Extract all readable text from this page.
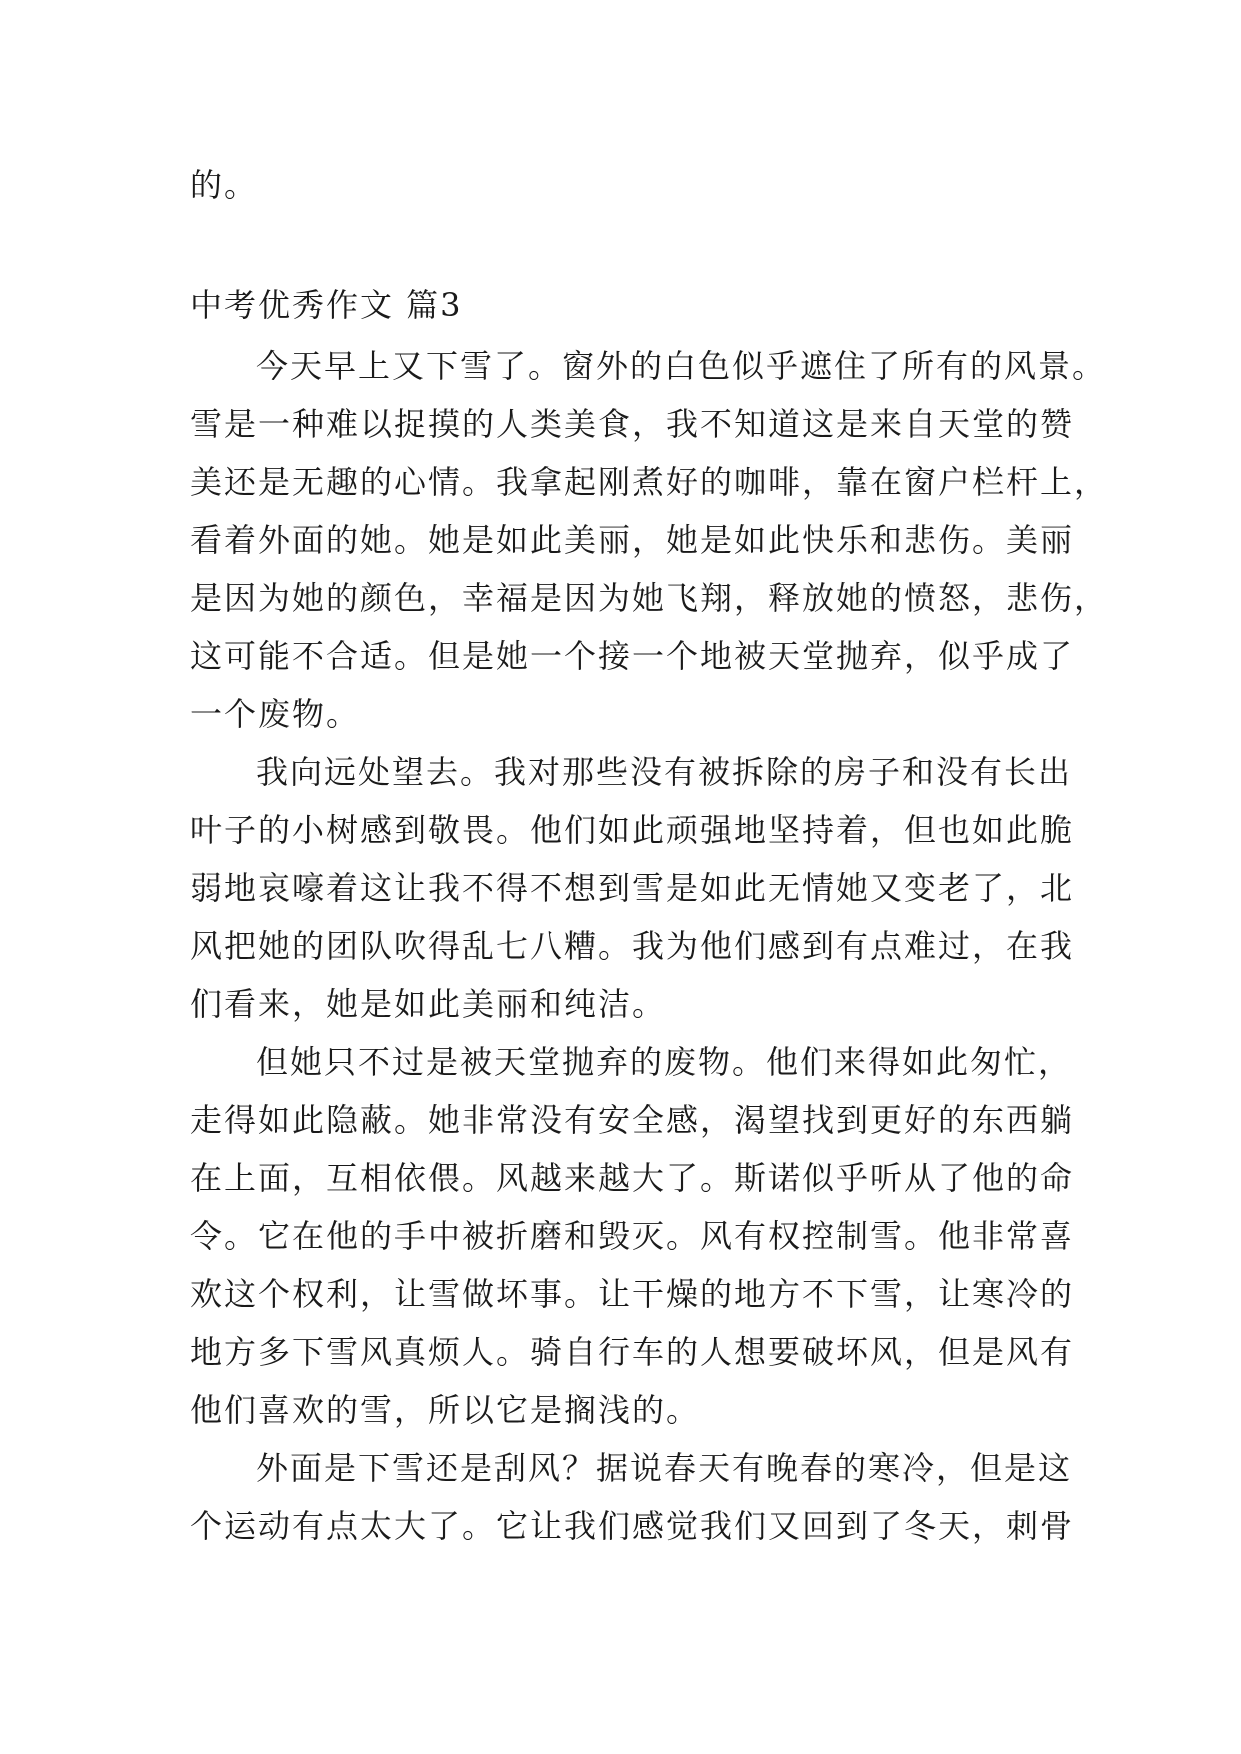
的。
中考优秀作文 篇3
今天早上又下雪了。窗外的白色似乎遮住了所有的风景。
雪是一种难以捉摸的人类美食，我不知道这是来自天堂的赞
美还是无趣的心情。我拿起刚煮好的咖啡，靠在窗户栏杆上，
看着外面的她。她是如此美丽，她是如此快乐和悲伤。美丽
是因为她的颜色，幸福是因为她飞翔，释放她的愤怒，悲伤，
这可能不合适。但是她一个接一个地被天堂抛弃，似乎成了
一个废物。
我向远处望去。我对那些没有被拆除的房子和没有长出
叶子的小树感到敬畏。他们如此顽强地坚持着，但也如此脆
弱地哀嚎着这让我不得不想到雪是如此无情她又变老了，北
风把她的团队吹得乱七八糟。我为他们感到有点难过，在我
们看来，她是如此美丽和纯洁。
但她只不过是被天堂抛弃的废物。他们来得如此匆忙，
走得如此隐蔽。她非常没有安全感，渴望找到更好的东西躺
在上面，互相依偎。风越来越大了。斯诺似乎听从了他的命
令。它在他的手中被折磨和毁灭。风有权控制雪。他非常喜
欢这个权利，让雪做坏事。让干燥的地方不下雪，让寒冷的
地方多下雪风真烦人。骑自行车的人想要破坏风，但是风有
他们喜欢的雪，所以它是搁浅的。
外面是下雪还是刮风？据说春天有晚春的寒冷，但是这
个运动有点太大了。它让我们感觉我们又回到了冬天，刺骨
